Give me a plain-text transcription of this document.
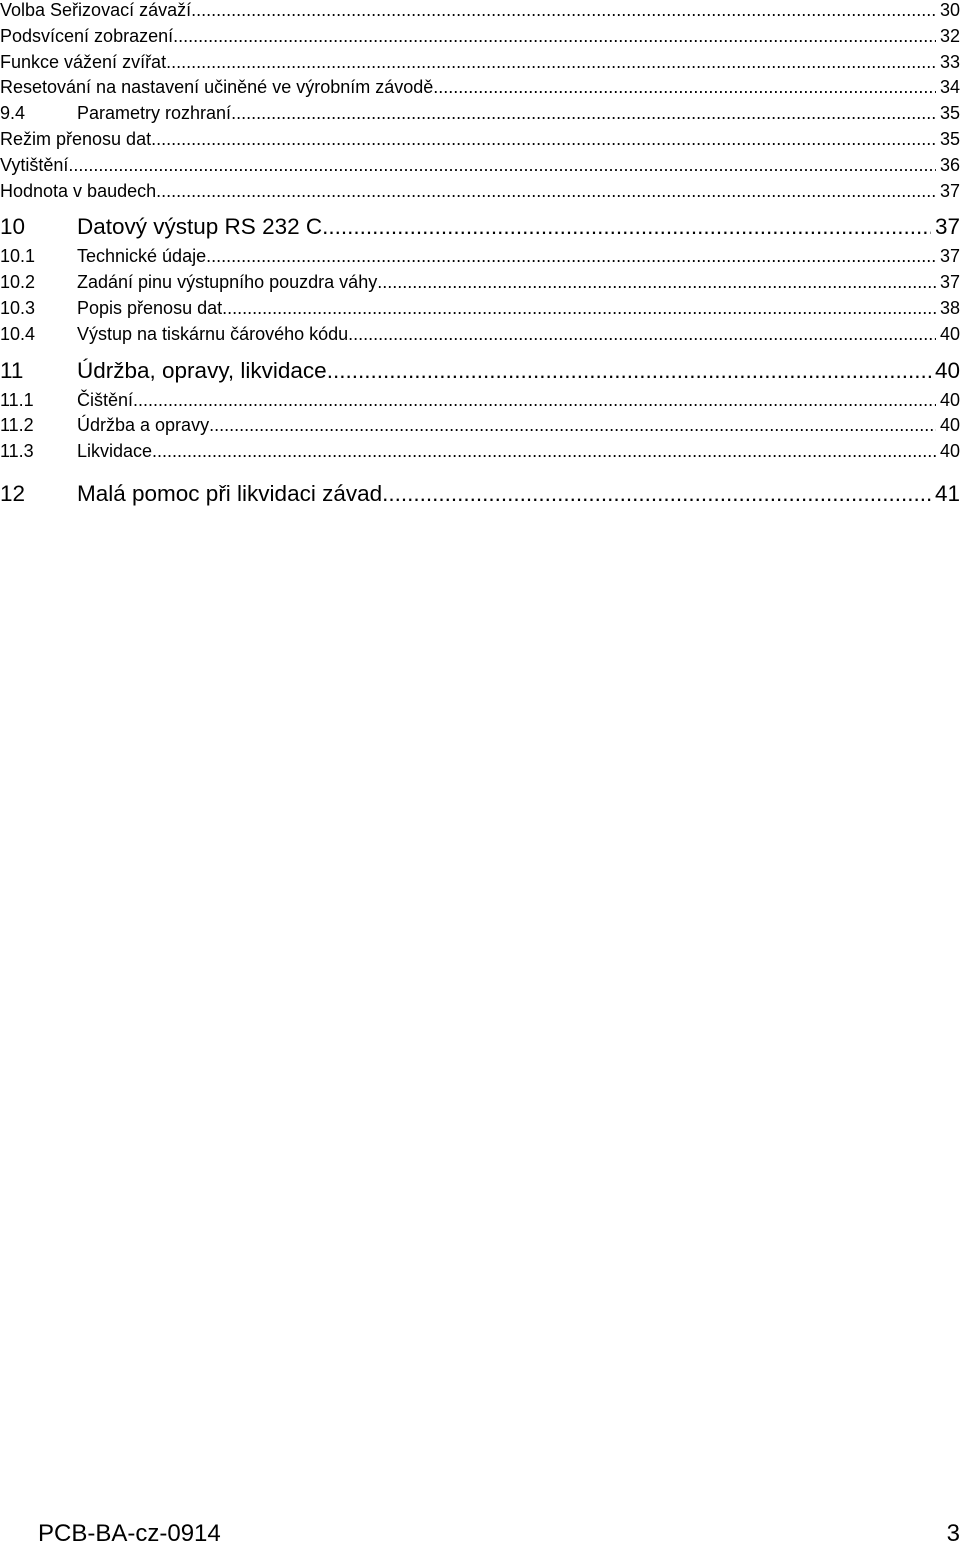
Volba Seřizovací závaží .....	30
Podsvícení zobrazení .....	32
Funkce vážení zvířat .....	33
Resetování na nastavení učiněné ve výrobním závodě .....	34
9.4	Parametry rozhraní .....	35
Režim přenosu dat .....	35
Vytištění .....	36
Hodnota v baudech .....	37
10	Datový výstup RS 232 C .....	37
10.1	Technické údaje .....	37
10.2	Zadání pinu výstupního pouzdra váhy .....	37
10.3	Popis přenosu dat .....	38
10.4	Výstup na tiskárnu čárového kódu .....	40
11	Údržba, opravy, likvidace .....	40
11.1	Čištění .....	40
11.2	Údržba a opravy .....	40
11.3	Likvidace .....	40
12	Malá pomoc při likvidaci závad .....	41
PCB-BA-cz-0914	3
